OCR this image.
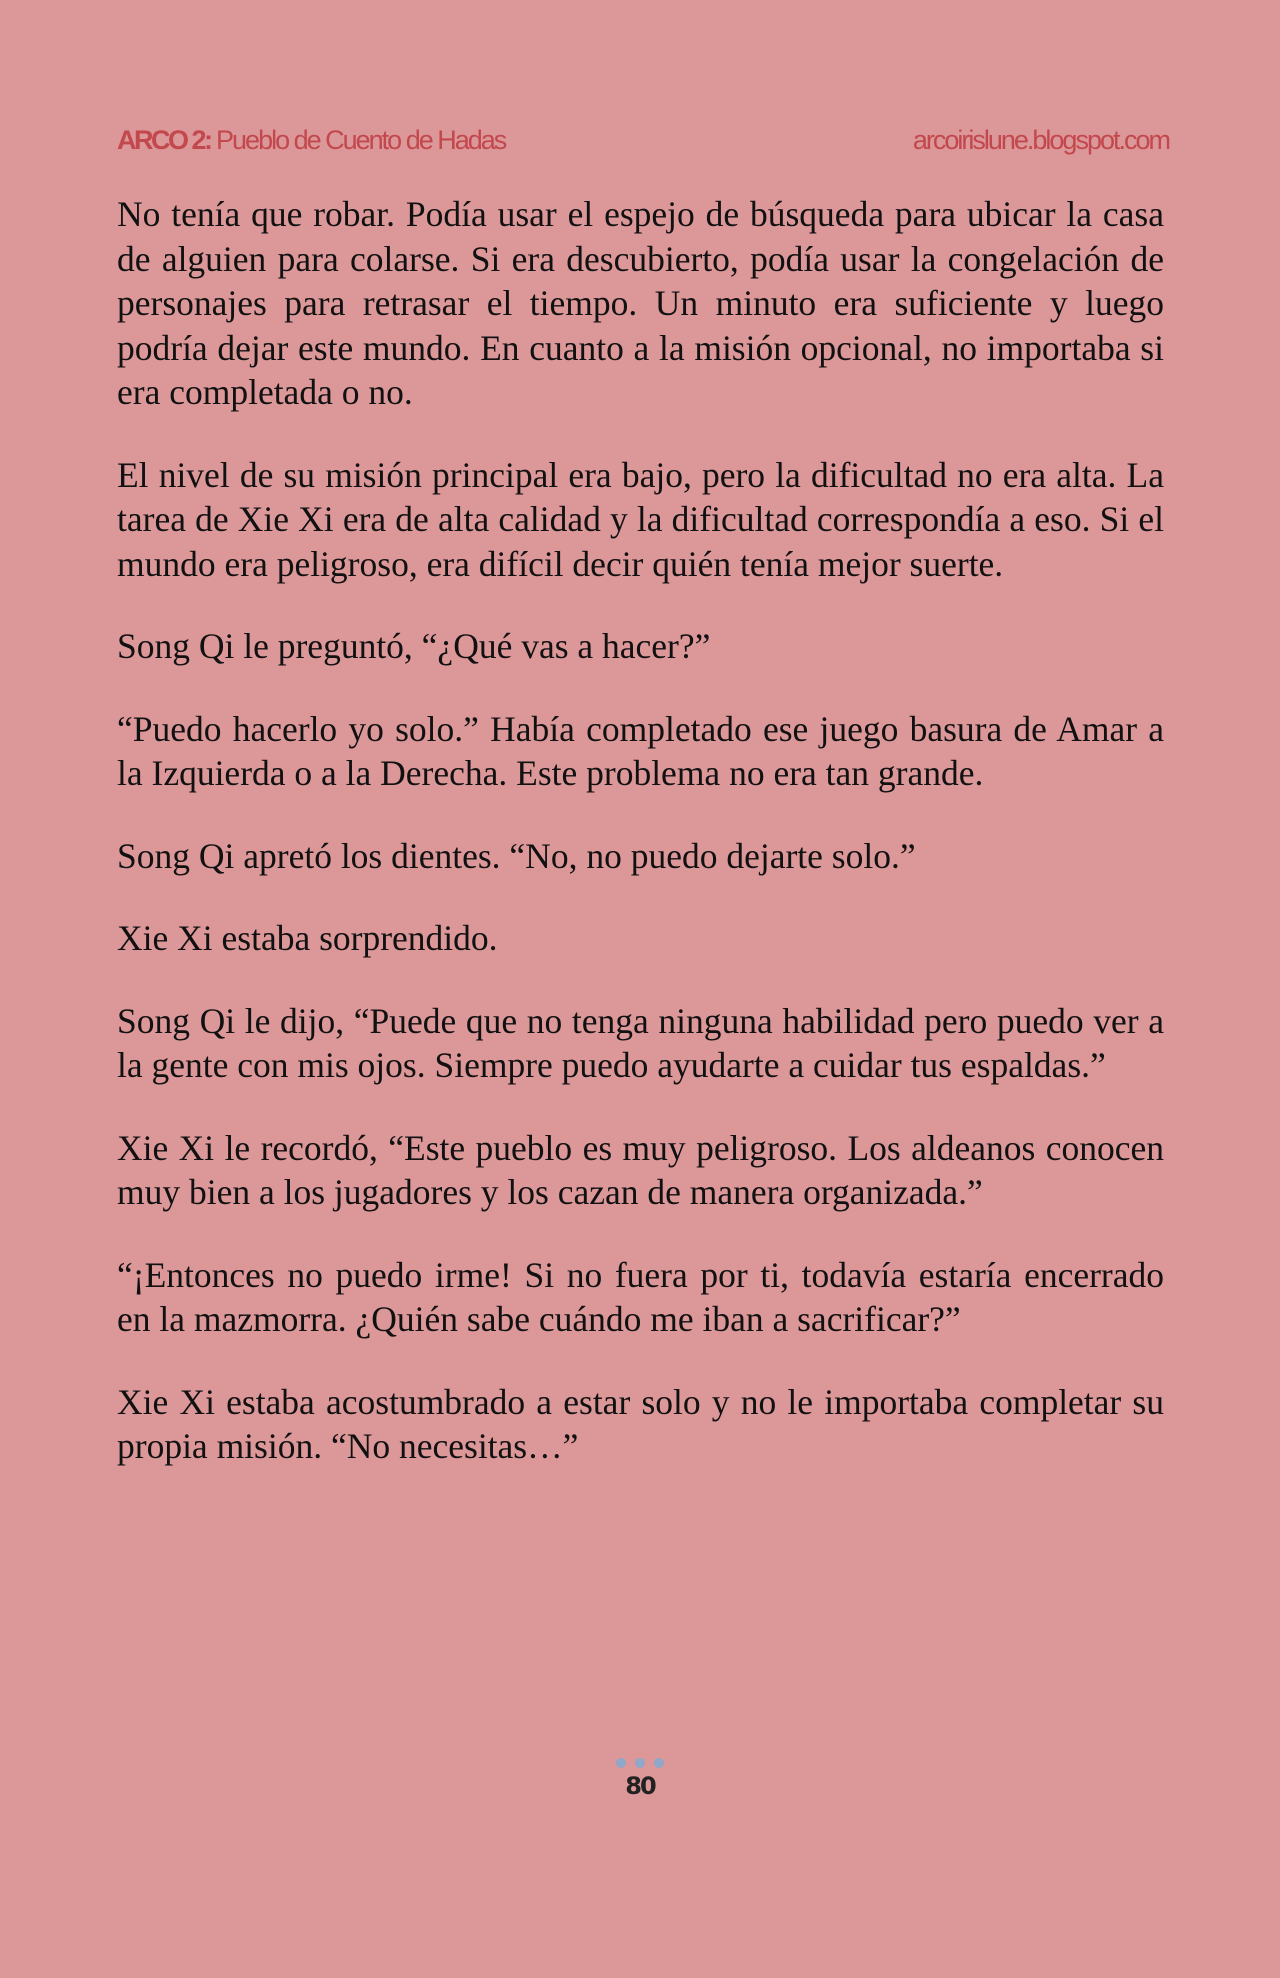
ARCO 2: Pueblo de Cuento de Hadas	arcoirislune.blogspot.com

No tenía que robar. Podía usar el espejo de búsqueda para ubicar la casa de alguien para colarse. Si era descubierto, podía usar la congelación de personajes para retrasar el tiempo. Un minuto era suficiente y luego podría dejar este mundo. En cuanto a la misión opcional, no importaba si era completada o no.

El nivel de su misión principal era bajo, pero la dificultad no era alta. La tarea de Xie Xi era de alta calidad y la dificultad correspondía a eso. Si el mundo era peligroso, era difícil decir quién tenía mejor suerte.

Song Qi le preguntó, “¿Qué vas a hacer?”

“Puedo hacerlo yo solo.” Había completado ese juego basura de Amar a la Izquierda o a la Derecha. Este problema no era tan grande.

Song Qi apretó los dientes. “No, no puedo dejarte solo.”

Xie Xi estaba sorprendido.

Song Qi le dijo, “Puede que no tenga ninguna habilidad pero puedo ver a la gente con mis ojos. Siempre puedo ayudarte a cuidar tus espaldas.”

Xie Xi le recordó, “Este pueblo es muy peligroso. Los aldeanos conocen muy bien a los jugadores y los cazan de manera organizada.”

“¡Entonces no puedo irme! Si no fuera por ti, todavía estaría encerrado en la mazmorra. ¿Quién sabe cuándo me iban a sacrificar?”

Xie Xi estaba acostumbrado a estar solo y no le importaba completar su propia misión. “No necesitas…”

80
